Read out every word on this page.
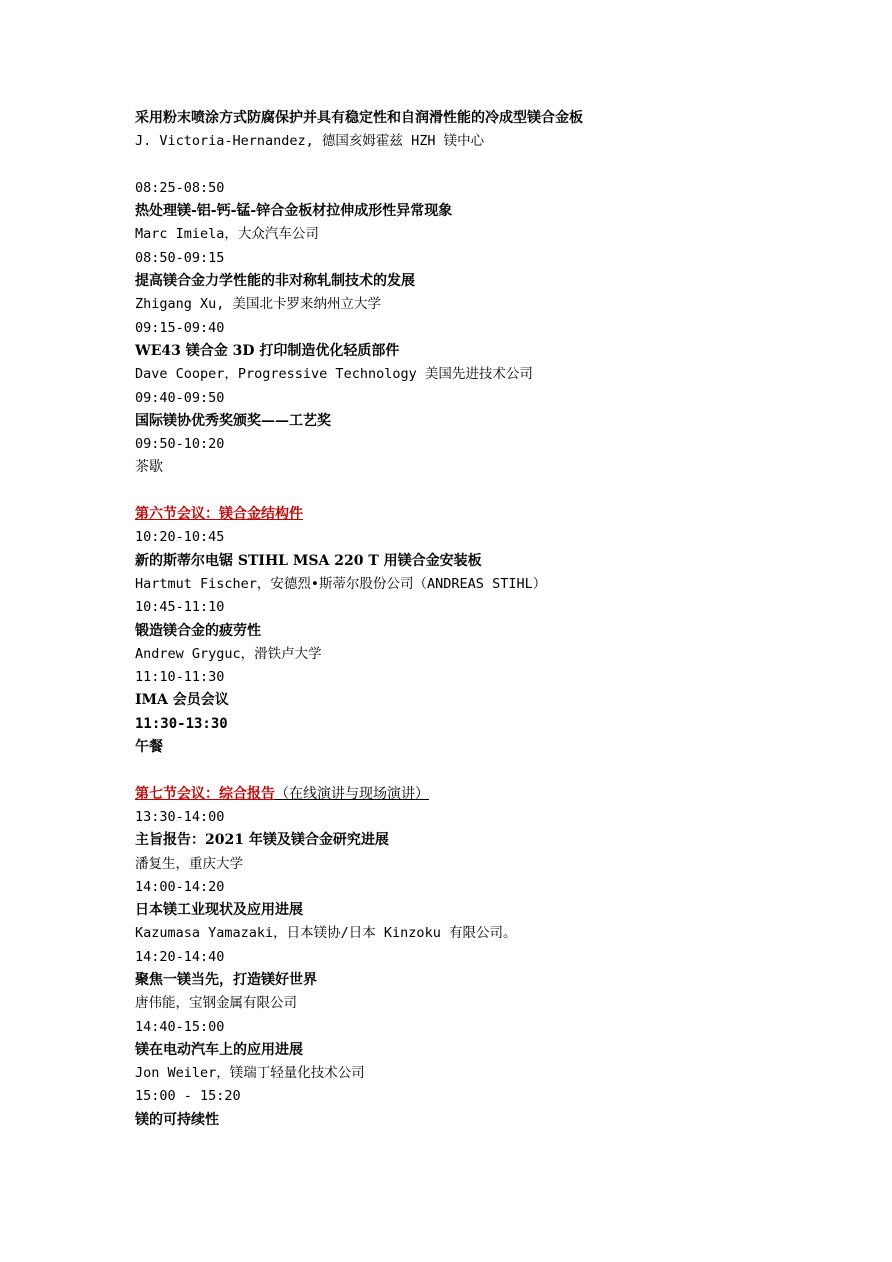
采用粉末喷涂方式防腐保护并具有稳定性和自润滑性能的冷成型镁合金板
J. Victoria-Hernandez, 德国亥姆霍兹 HZH 镁中心
08:25-08:50
热处理镁-铝-钙-锰-锌合金板材拉伸成形性异常现象
Marc Imiela，大众汽车公司
08:50-09:15
提高镁合金力学性能的非对称轧制技术的发展
Zhigang Xu, 美国北卡罗来纳州立大学
09:15-09:40
WE43 镁合金 3D 打印制造优化轻质部件
Dave Cooper，Progressive Technology 美国先进技术公司
09:40-09:50
国际镁协优秀奖颁奖——工艺奖
09:50-10:20
茶歇
第六节会议：镁合金结构件
10:20-10:45
新的斯蒂尔电锯 STIHL MSA 220 T 用镁合金安装板
Hartmut Fischer，安德烈•斯蒂尔股份公司（ANDREAS STIHL）
10:45-11:10
锻造镁合金的疲劳性
Andrew Gryguc，滑铁卢大学
11:10-11:30
IMA 会员会议
11:30-13:30
午餐
第七节会议：综合报告（在线演讲与现场演讲）
13:30-14:00
主旨报告：2021 年镁及镁合金研究进展
潘复生，重庆大学
14:00-14:20
日本镁工业现状及应用进展
Kazumasa Yamazaki，日本镁协/日本 Kinzoku 有限公司。
14:20-14:40
聚焦一镁当先，打造镁好世界
唐伟能，宝钢金属有限公司
14:40-15:00
镁在电动汽车上的应用进展
Jon Weiler，镁瑞丁轻量化技术公司
15:00 - 15:20
镁的可持续性
